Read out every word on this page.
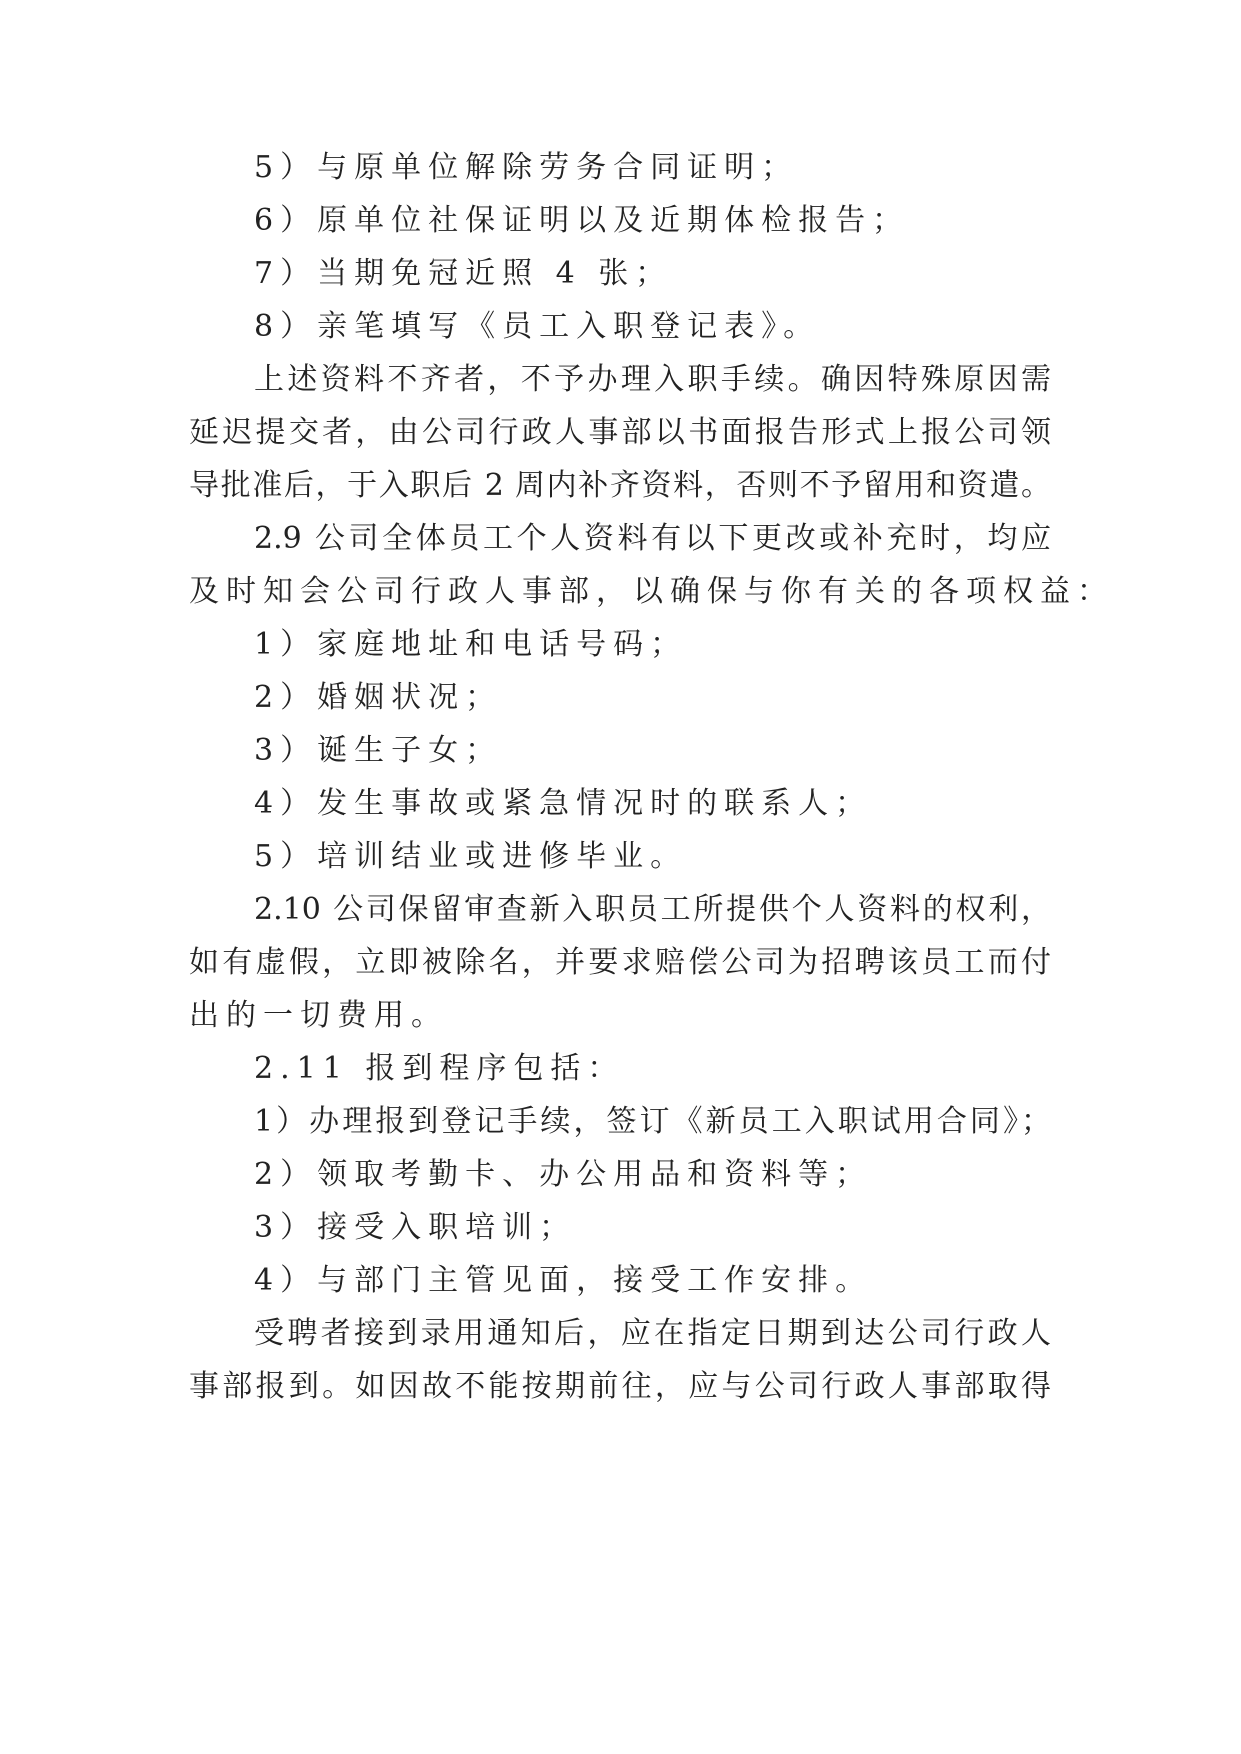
5）与原单位解除劳务合同证明；
6）原单位社保证明以及近期体检报告；
7）当期免冠近照 4 张；
8）亲笔填写《员工入职登记表》。
上述资料不齐者，不予办理入职手续。确因特殊原因需
延迟提交者，由公司行政人事部以书面报告形式上报公司领
导批准后，于入职后 2 周内补齐资料，否则不予留用和资遣。
2.9 公司全体员工个人资料有以下更改或补充时，均应
及时知会公司行政人事部，以确保与你有关的各项权益：
1）家庭地址和电话号码；
2）婚姻状况；
3）诞生子女；
4）发生事故或紧急情况时的联系人；
5）培训结业或进修毕业。
2.10 公司保留审查新入职员工所提供个人资料的权利，
如有虚假，立即被除名，并要求赔偿公司为招聘该员工而付
出的一切费用。
2.11 报到程序包括：
1）办理报到登记手续，签订《新员工入职试用合同》；
2）领取考勤卡、办公用品和资料等；
3）接受入职培训；
4）与部门主管见面，接受工作安排。
受聘者接到录用通知后，应在指定日期到达公司行政人
事部报到。如因故不能按期前往，应与公司行政人事部取得
